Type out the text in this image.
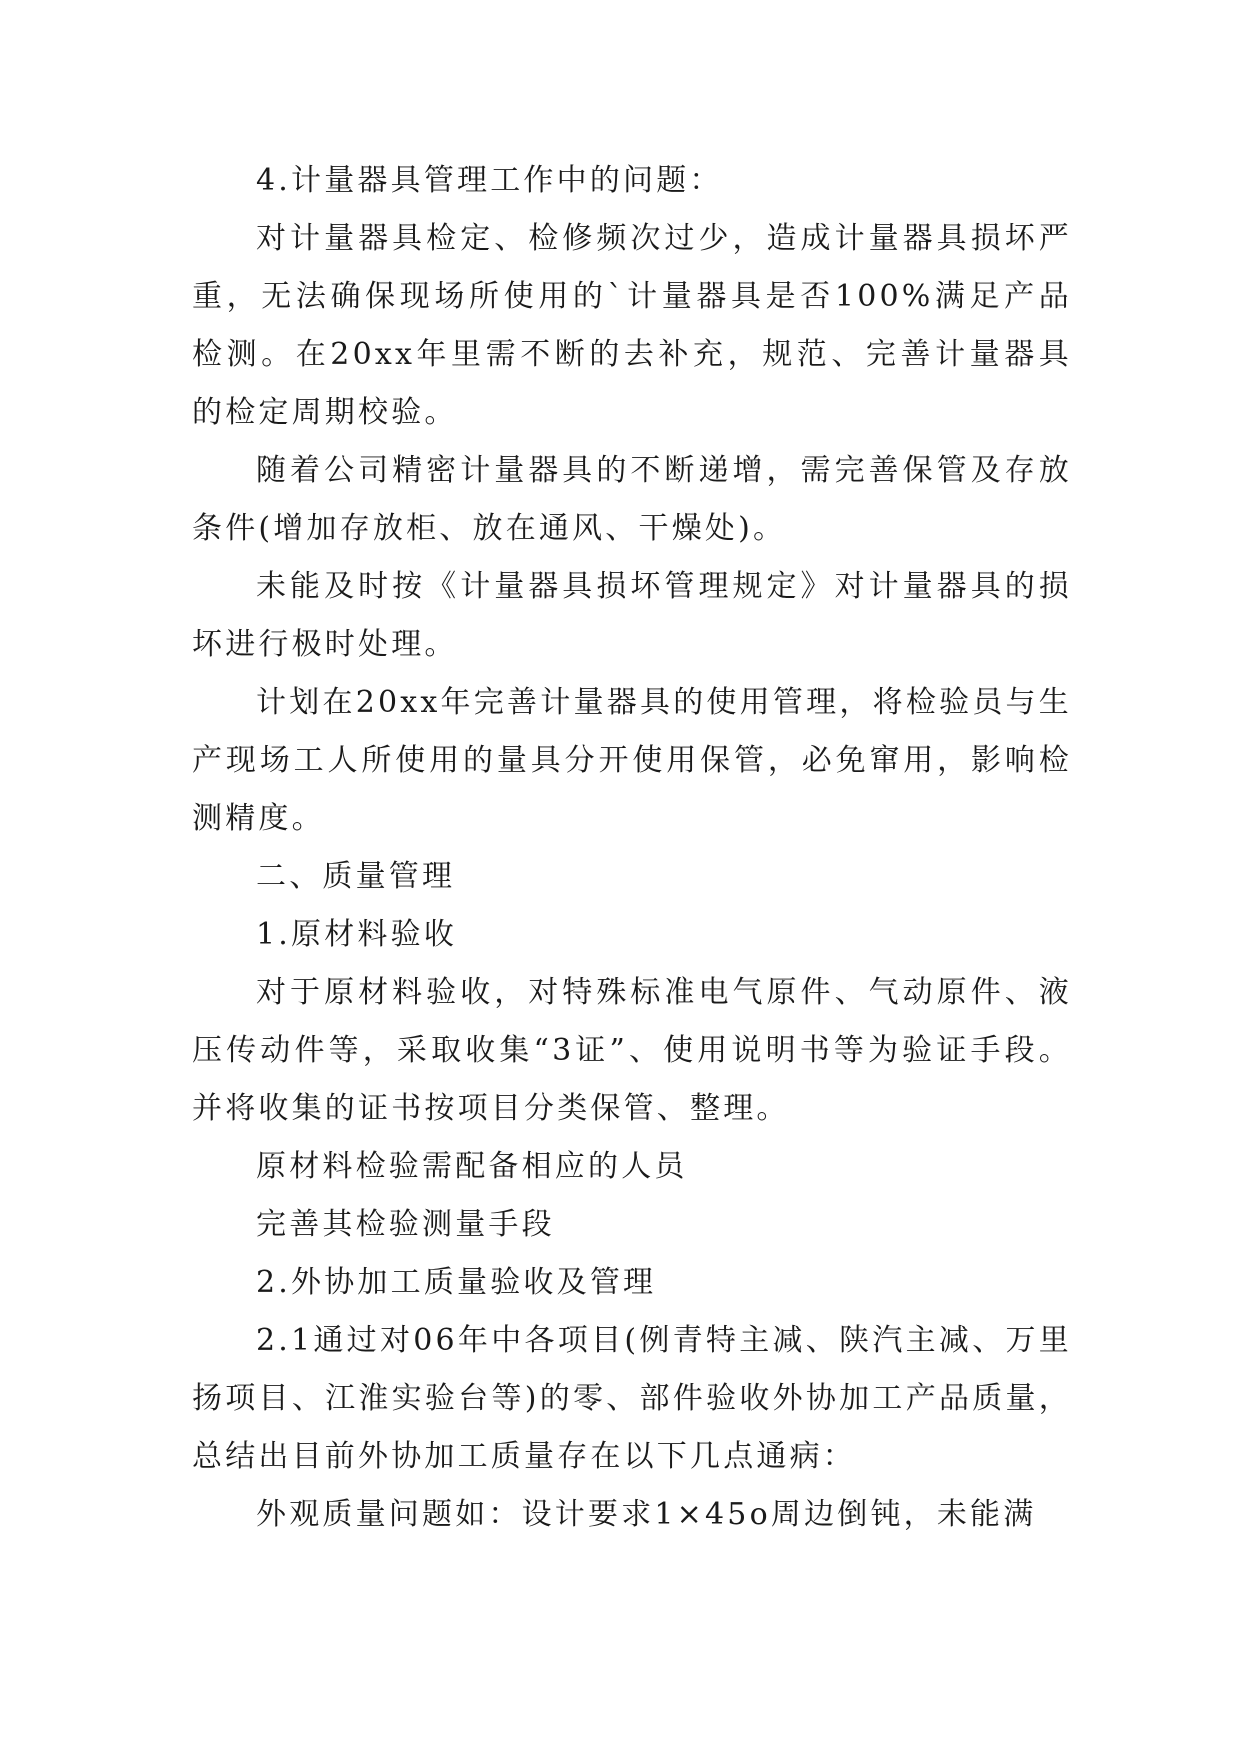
4.计量器具管理工作中的问题：

对计量器具检定、检修频次过少，造成计量器具损坏严重，无法确保现场所使用的`计量器具是否100%满足产品检测。在20xx年里需不断的去补充，规范、完善计量器具的检定周期校验。

随着公司精密计量器具的不断递增，需完善保管及存放条件(增加存放柜、放在通风、干燥处)。

未能及时按《计量器具损坏管理规定》对计量器具的损坏进行极时处理。

计划在20xx年完善计量器具的使用管理，将检验员与生产现场工人所使用的量具分开使用保管，必免窜用，影响检测精度。

二、质量管理

1.原材料验收

对于原材料验收，对特殊标准电气原件、气动原件、液压传动件等，采取收集“3证”、使用说明书等为验证手段。并将收集的证书按项目分类保管、整理。

原材料检验需配备相应的人员

完善其检验测量手段

2.外协加工质量验收及管理

2.1通过对06年中各项目(例青特主减、陕汽主减、万里扬项目、江淮实验台等)的零、部件验收外协加工产品质量，总结出目前外协加工质量存在以下几点通病：

外观质量问题如：设计要求1×45o周边倒钝，未能满
